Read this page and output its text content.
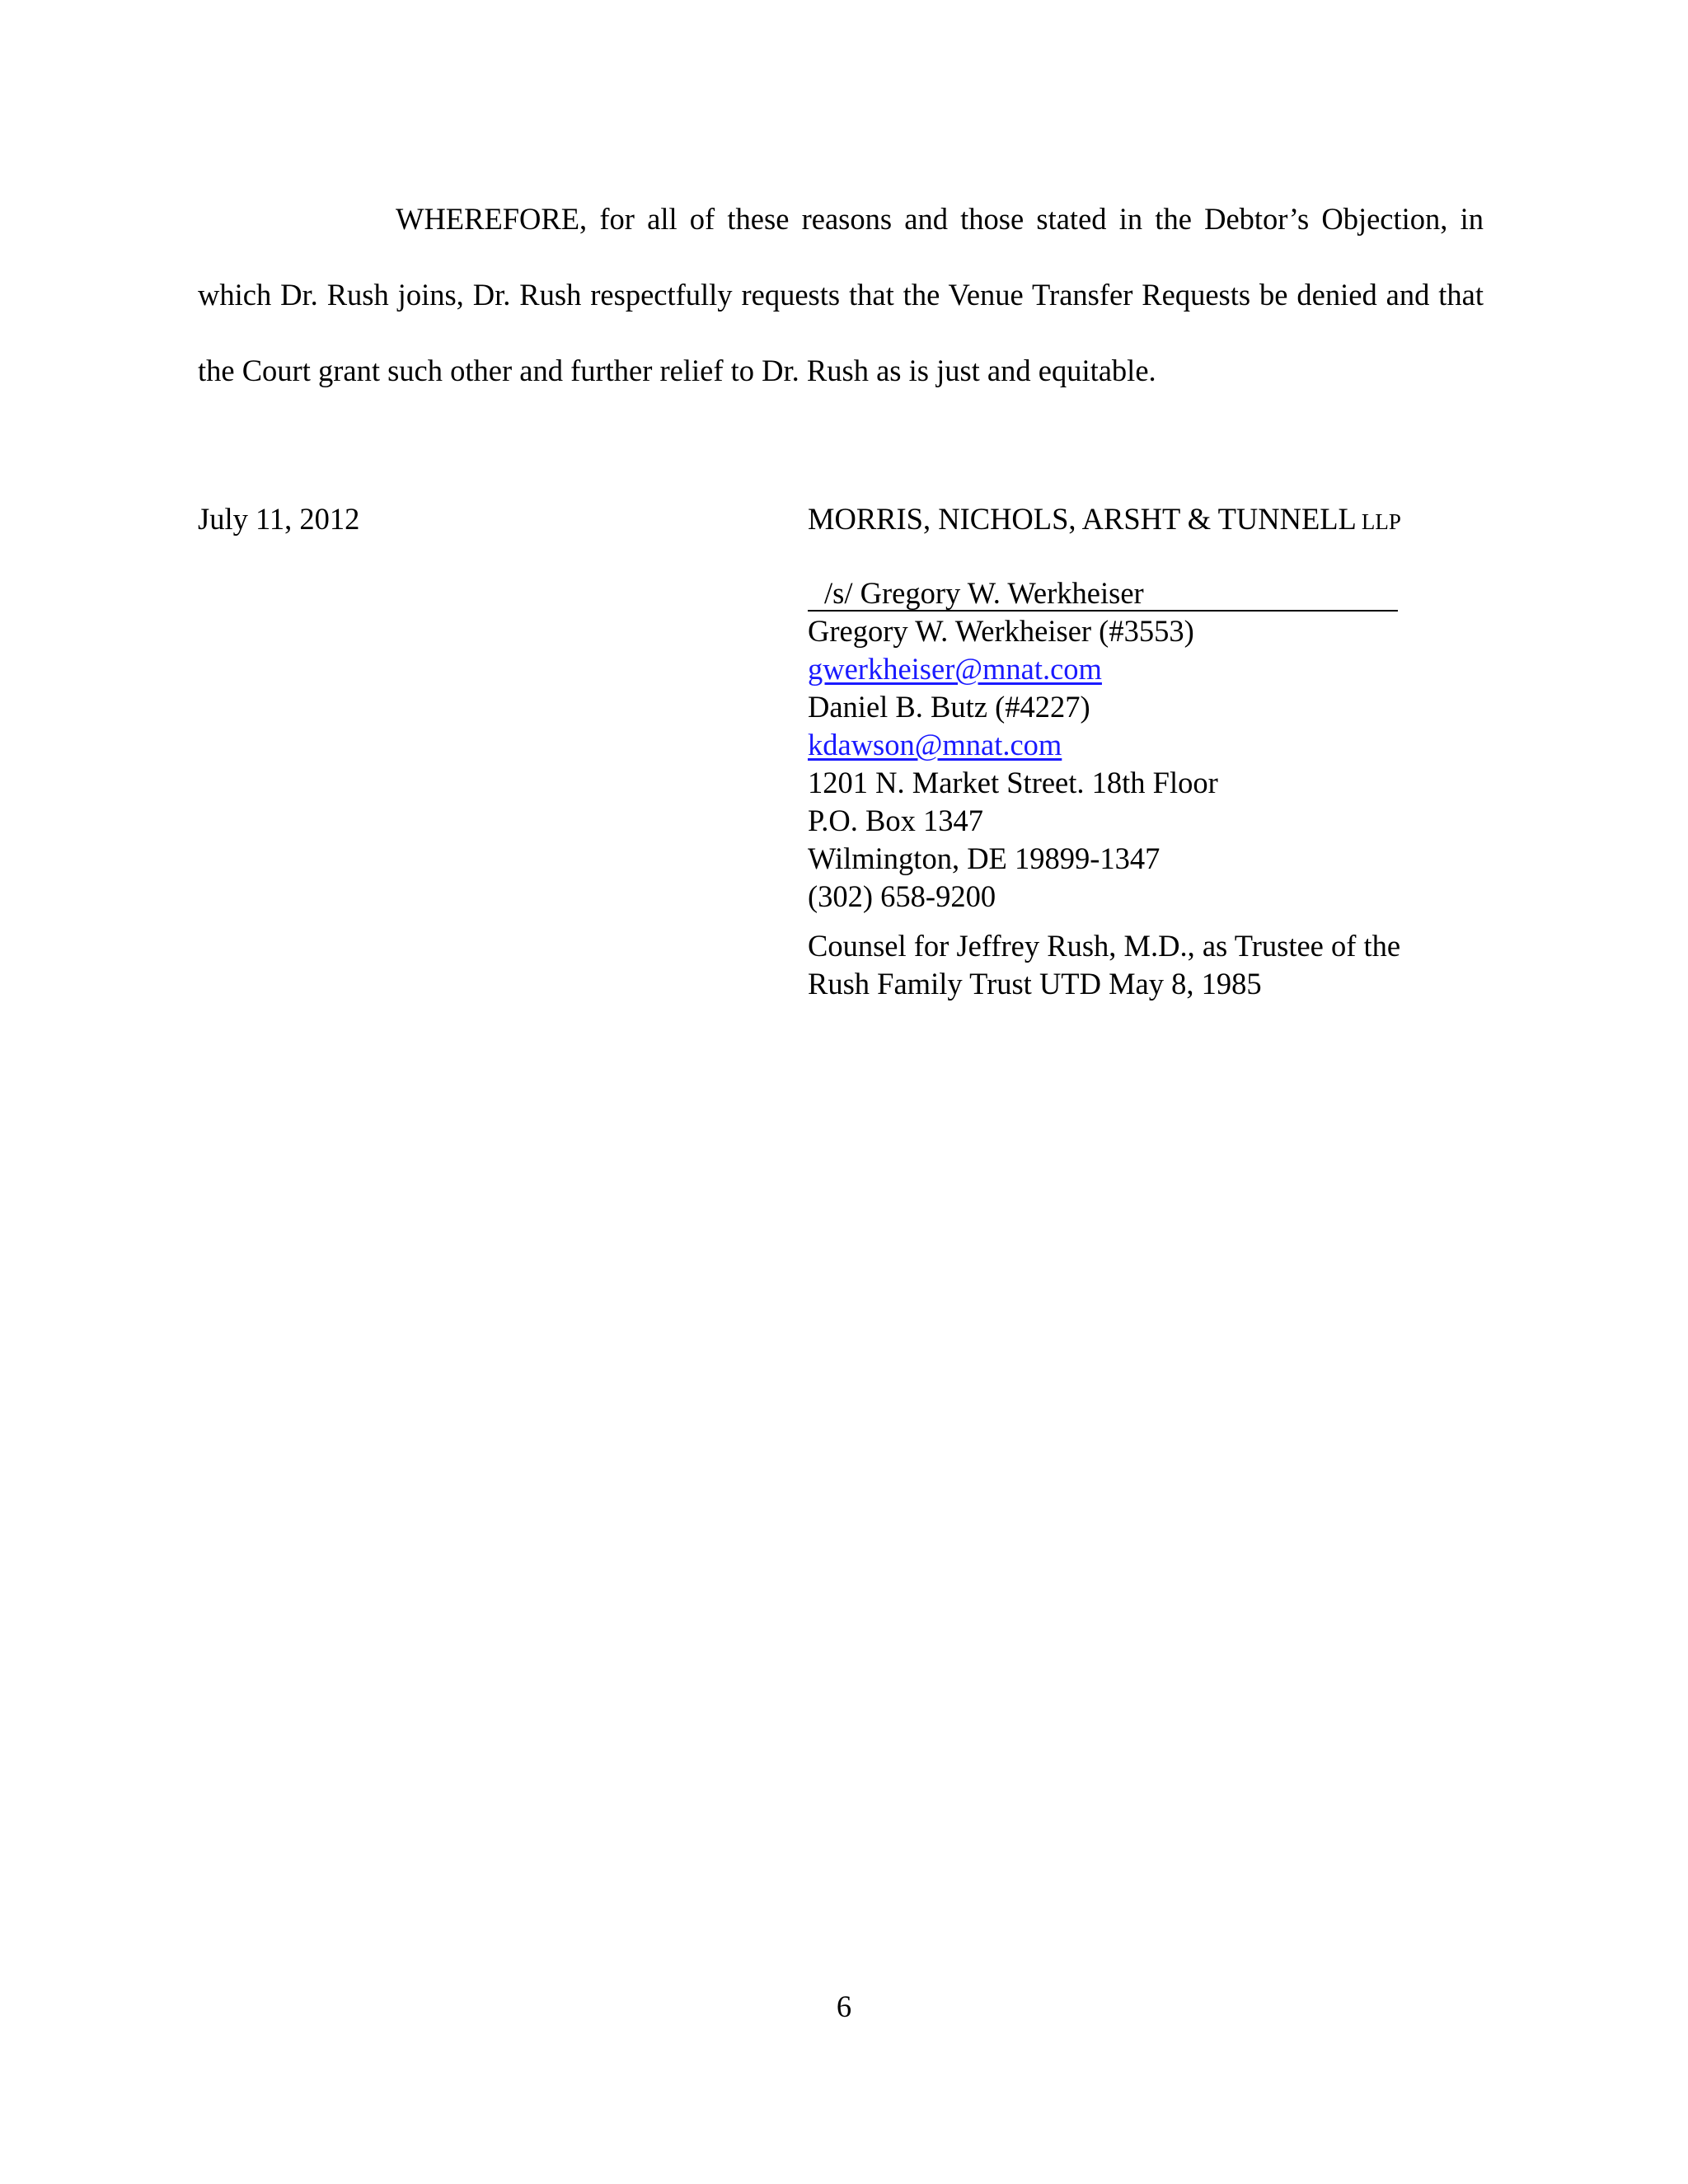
WHEREFORE, for all of these reasons and those stated in the Debtor’s Objection, in which Dr. Rush joins, Dr. Rush respectfully requests that the Venue Transfer Requests be denied and that the Court grant such other and further relief to Dr. Rush as is just and equitable.

July 11, 2012	MORRIS, NICHOLS, ARSHT & TUNNELL LLP

/s/ Gregory W. Werkheiser
Gregory W. Werkheiser (#3553)
gwerkheiser@mnat.com
Daniel B. Butz (#4227)
kdawson@mnat.com
1201 N. Market Street. 18th Floor
P.O. Box 1347
Wilmington, DE 19899-1347
(302) 658-9200
Counsel for Jeffrey Rush, M.D., as Trustee of the
Rush Family Trust UTD May 8, 1985
6
